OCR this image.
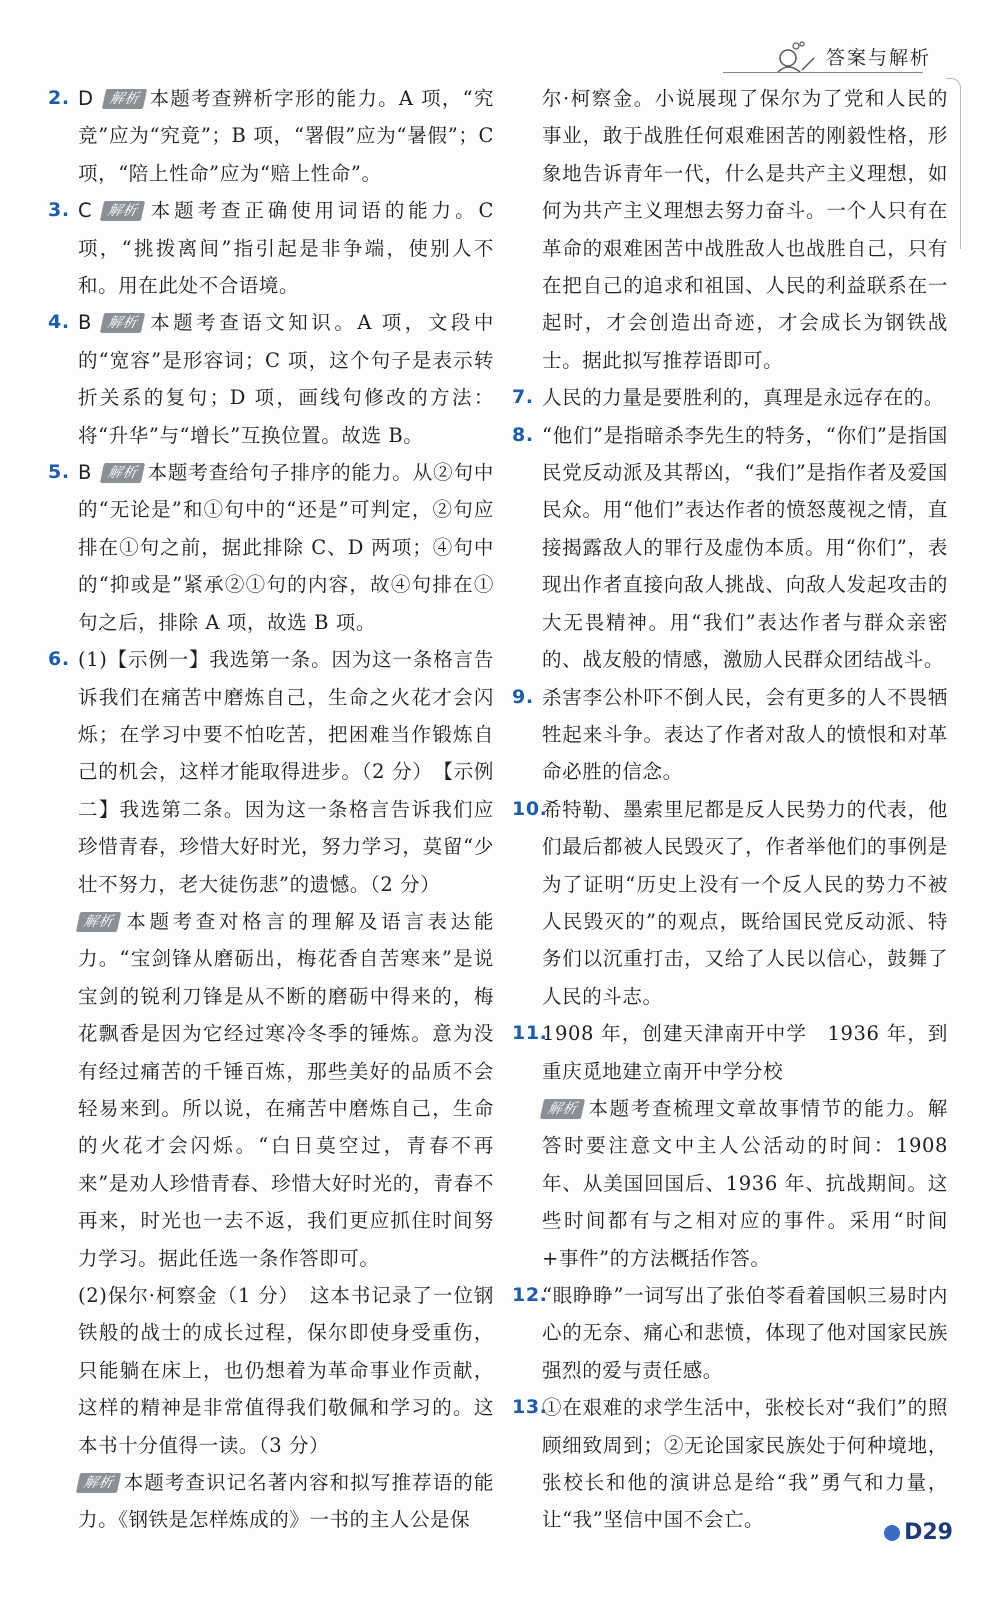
答案与解析
2. D 解析 本题考查辨析字形的能力。A 项，“究竞”应为“究竟”；B 项，“署假”应为“暑假”；C 项，“陪上性命”应为“赔上性命”。
3. C 解析 本题考查正确使用词语的能力。C 项，“挑拨离间”指引起是非争端，使别人不和。用在此处不合语境。
4. B 解析 本题考查语文知识。A 项，文段中的“宽容”是形容词；C 项，这个句子是表示转折关系的复句；D 项，画线句修改的方法：将“升华”与“增长”互换位置。故选 B。
5. B 解析 本题考查给句子排序的能力。从②句中的“无论是”和①句中的“还是”可判定，②句应排在①句之前，据此排除 C、D 两项；④句中的“抑或是”紧承②①句的内容，故④句排在①句之后，排除 A 项，故选 B 项。
6. (1)【示例一】我选第一条。因为这一条格言告诉我们在痛苦中磨炼自己，生命之火花才会闪烁；在学习中要不怕吃苦，把困难当作锻炼自己的机会，这样才能取得进步。（2 分）　【示例二】我选第二条。因为这一条格言告诉我们应珍惜青春，珍惜大好时光，努力学习，莫留“少壮不努力，老大徒伤悲”的遗憾。（2 分）
解析 本题考查对格言的理解及语言表达能力。“宝剑锋从磨砺出，梅花香自苦寒来”是说宝剑的锐利刀锋是从不断的磨砺中得来的，梅花飘香是因为它经过寒冷冬季的锤炼。意为没有经过痛苦的千锤百炼，那些美好的品质不会轻易来到。所以说，在痛苦中磨炼自己，生命的火花才会闪烁。“白日莫空过，青春不再来”是劝人珍惜青春、珍惜大好时光的，青春不再来，时光也一去不返，我们更应抓住时间努力学习。据此任选一条作答即可。
(2)保尔·柯察金（1 分）　这本书记录了一位钢铁般的战士的成长过程，保尔即使身受重伤，只能躺在床上，也仍想着为革命事业作贡献，这样的精神是非常值得我们敬佩和学习的。这本书十分值得一读。（3 分）
解析 本题考查识记名著内容和拟写推荐语的能力。《钢铁是怎样炼成的》一书的主人公是保
尔·柯察金。小说展现了保尔为了党和人民的事业，敢于战胜任何艰难困苦的刚毅性格，形象地告诉青年一代，什么是共产主义理想，如何为共产主义理想去努力奋斗。一个人只有在革命的艰难困苦中战胜敌人也战胜自己，只有在把自己的追求和祖国、人民的利益联系在一起时，才会创造出奇迹，才会成长为钢铁战士。据此拟写推荐语即可。
7. 人民的力量是要胜利的，真理是永远存在的。
8. “他们”是指暗杀李先生的特务，“你们”是指国民党反动派及其帮凶，“我们”是指作者及爱国民众。用“他们”表达作者的愤怒蔑视之情，直接揭露敌人的罪行及虚伪本质。用“你们”，表现出作者直接向敌人挑战、向敌人发起攻击的大无畏精神。用“我们”表达作者与群众亲密的、战友般的情感，激励人民群众团结战斗。
9. 杀害李公朴吓不倒人民，会有更多的人不畏牺牲起来斗争。表达了作者对敌人的愤恨和对革命必胜的信念。
10.
希特勒、墨索里尼都是反人民势力的代表，他们最后都被人民毁灭了，作者举他们的事例是为了证明“历史上没有一个反人民的势力不被人民毁灭的”的观点，既给国民党反动派、特务们以沉重打击，又给了人民以信心，鼓舞了人民的斗志。
11.
1908 年，创建天津南开中学　1936 年，到重庆觅地建立南开中学分校
解析 本题考查梳理文章故事情节的能力。解答时要注意文中主人公活动的时间：1908 年、从美国回国后、1936 年、抗战期间。这些时间都有与之相对应的事件。采用“时间+事件”的方法概括作答。
12.
“眼睁睁”一词写出了张伯苓看着国帜三易时内心的无奈、痛心和悲愤，体现了他对国家民族强烈的爱与责任感。
13.
①在艰难的求学生活中，张校长对“我们”的照顾细致周到；②无论国家民族处于何种境地，张校长和他的演讲总是给“我”勇气和力量，让“我”坚信中国不会亡。
D29
